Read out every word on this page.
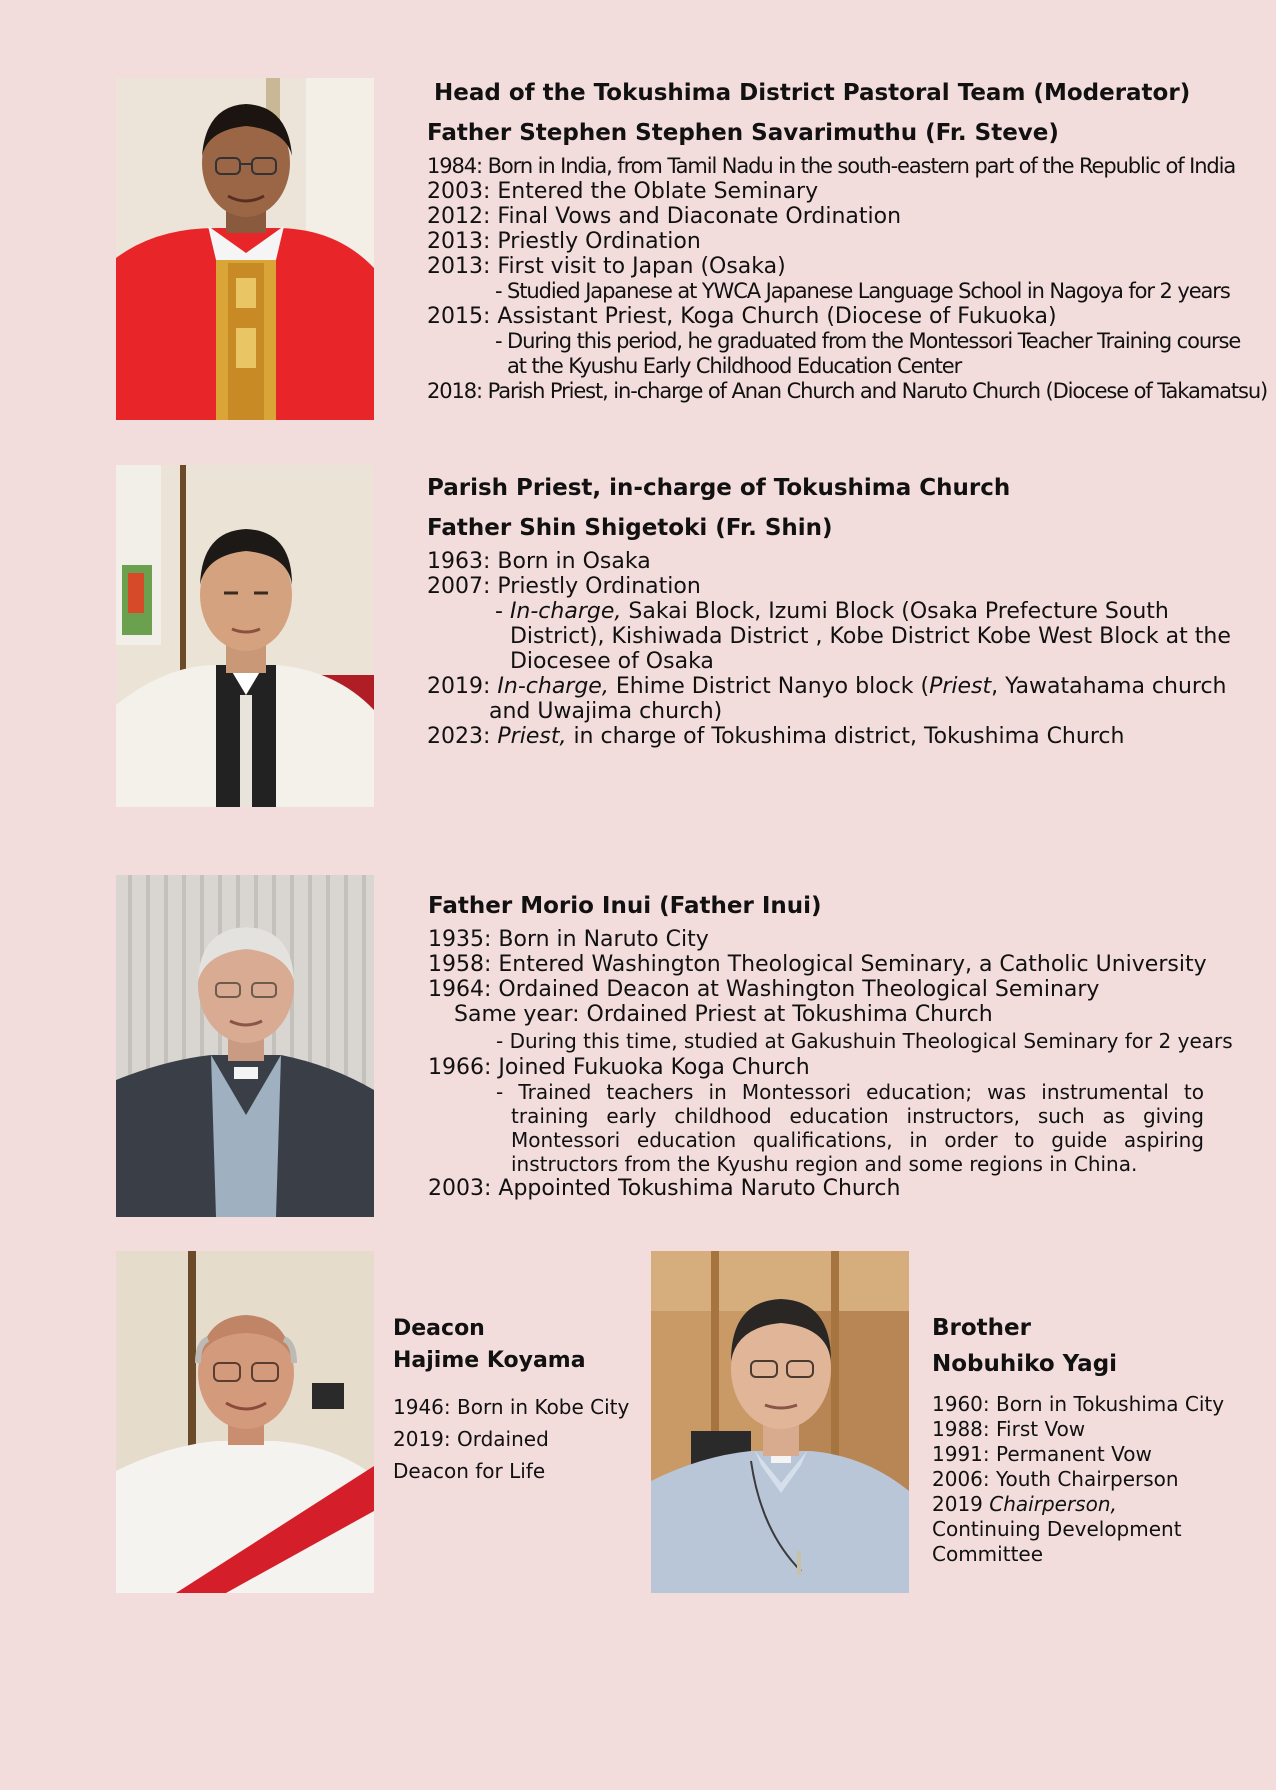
Head of the Tokushima District Pastoral Team (Moderator)
Father Stephen Stephen Savarimuthu (Fr. Steve)
1984: Born in India, from Tamil Nadu in the south-eastern part of the Republic of India
2003: Entered the Oblate Seminary
2012: Final Vows and Diaconate Ordination
2013: Priestly Ordination
2013: First visit to Japan (Osaka)
- Studied Japanese at YWCA Japanese Language School in Nagoya for 2 years
2015: Assistant Priest, Koga Church (Diocese of Fukuoka)
- During this period, he graduated from the Montessori Teacher Training course
at the Kyushu Early Childhood Education Center
2018: Parish Priest, in-charge of Anan Church and Naruto Church (Diocese of Takamatsu)
Parish Priest, in-charge of Tokushima Church
Father Shin Shigetoki (Fr. Shin)
1963: Born in Osaka
2007: Priestly Ordination
- In-charge, Sakai Block, Izumi Block (Osaka Prefecture South District), Kishiwada District , Kobe District Kobe West Block at the Diocesee of Osaka
2019: In-charge, Ehime District Nanyo block (Priest, Yawatahama church and Uwajima church)
2023: Priest, in charge of Tokushima district, Tokushima Church
Father Morio Inui (Father Inui)
1935: Born in Naruto City
1958: Entered Washington Theological Seminary, a Catholic University
1964: Ordained Deacon at Washington Theological Seminary
Same year: Ordained Priest at Tokushima Church
- During this time, studied at Gakushuin Theological Seminary for 2 years
1966: Joined Fukuoka Koga Church
- Trained teachers in Montessori education; was instrumental to training early childhood education instructors, such as giving Montessori education qualifications, in order to guide aspiring instructors from the Kyushu region and some regions in China.
2003: Appointed Tokushima Naruto Church
Deacon
Hajime Koyama
1946: Born in Kobe City
2019: Ordained
Deacon for Life
Brother
Nobuhiko Yagi
1960: Born in Tokushima City
1988: First Vow
1991: Permanent Vow
2006: Youth Chairperson
2019 Chairperson,
Continuing Development
Committee
